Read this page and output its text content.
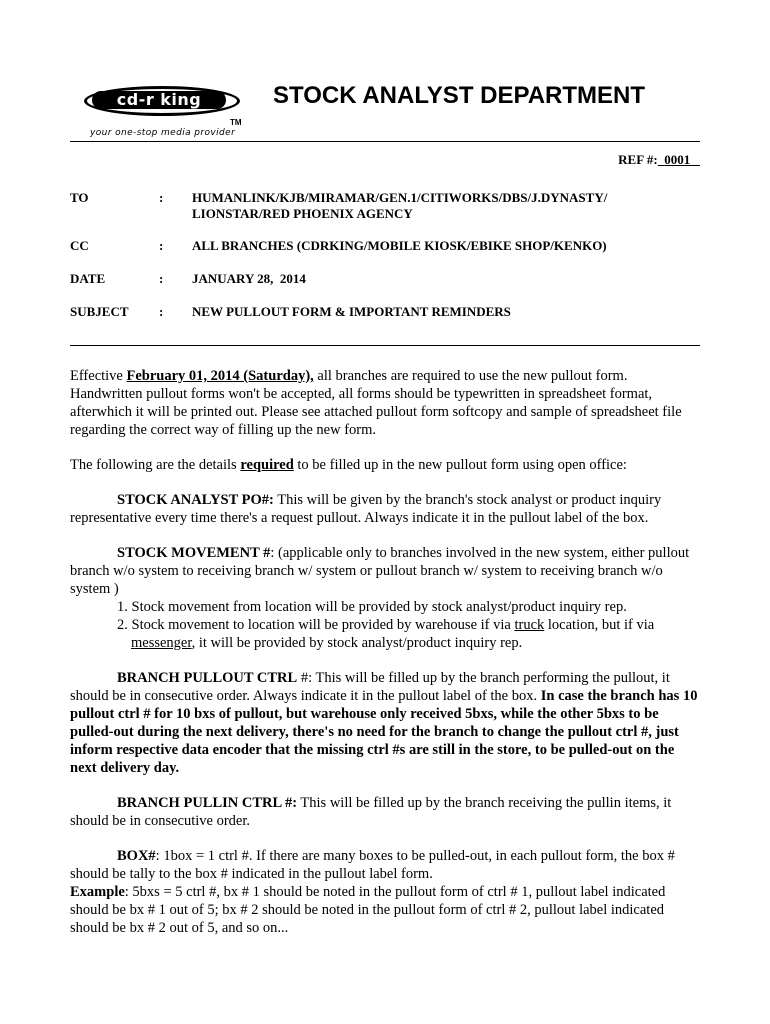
cd-r king
TM
your one-stop media provider
STOCK ANALYST DEPARTMENT
REF #: 0001
TO	: HUMANLINK/KJB/MIRAMAR/GEN.1/CITIWORKS/DBS/J.DYNASTY/
LIONSTAR/RED PHOENIX AGENCY
CC	: ALL BRANCHES (CDRKING/MOBILE KIOSK/EBIKE SHOP/KENKO)
DATE	: JANUARY 28,  2014
SUBJECT : NEW PULLOUT FORM & IMPORTANT REMINDERS

Effective February 01, 2014 (Saturday), all branches are required to use the new pullout form. Handwritten pullout forms won't be accepted, all forms should be typewritten in spreadsheet format, afterwhich it will be printed out. Please see attached pullout form softcopy and sample of spreadsheet file regarding the correct way of filling up the new form.

The following are the details required to be filled up in the new pullout form using open office:

STOCK ANALYST PO#: This will be given by the branch's stock analyst or product inquiry representative every time there's a request pullout. Always indicate it in the pullout label of the box.

STOCK MOVEMENT #: (applicable only to branches involved in the new system, either pullout branch w/o system to receiving branch w/ system or pullout branch w/ system to receiving branch w/o system )

1. Stock movement from location will be provided by stock analyst/product inquiry rep.
2. Stock movement to location will be provided by warehouse if via truck location, but if via
messenger, it will be provided by stock analyst/product inquiry rep.

BRANCH PULLOUT CTRL #: This will be filled up by the branch performing the pullout, it should be in consecutive order. Always indicate it in the pullout label of the box. In case the branch has 10 pullout ctrl # for 10 bxs of pullout, but warehouse only received 5bxs, while the other 5bxs to be pulled-out during the next delivery, there's no need for the branch to change the pullout ctrl #, just inform respective data encoder that the missing ctrl #s are still in the store, to be pulled-out on the next delivery day.

BRANCH PULLIN CTRL #: This will be filled up by the branch receiving the pullin items, it should be in consecutive order.

BOX#: 1box = 1 ctrl #. If there are many boxes to be pulled-out, in each pullout form, the box # should be tally to the box # indicated in the pullout label form.

Example: 5bxs = 5 ctrl #, bx # 1 should be noted in the pullout form of ctrl # 1, pullout label indicated should be bx # 1 out of 5; bx # 2 should be noted in the pullout form of ctrl # 2, pullout label indicated should be bx # 2 out of 5, and so on...
